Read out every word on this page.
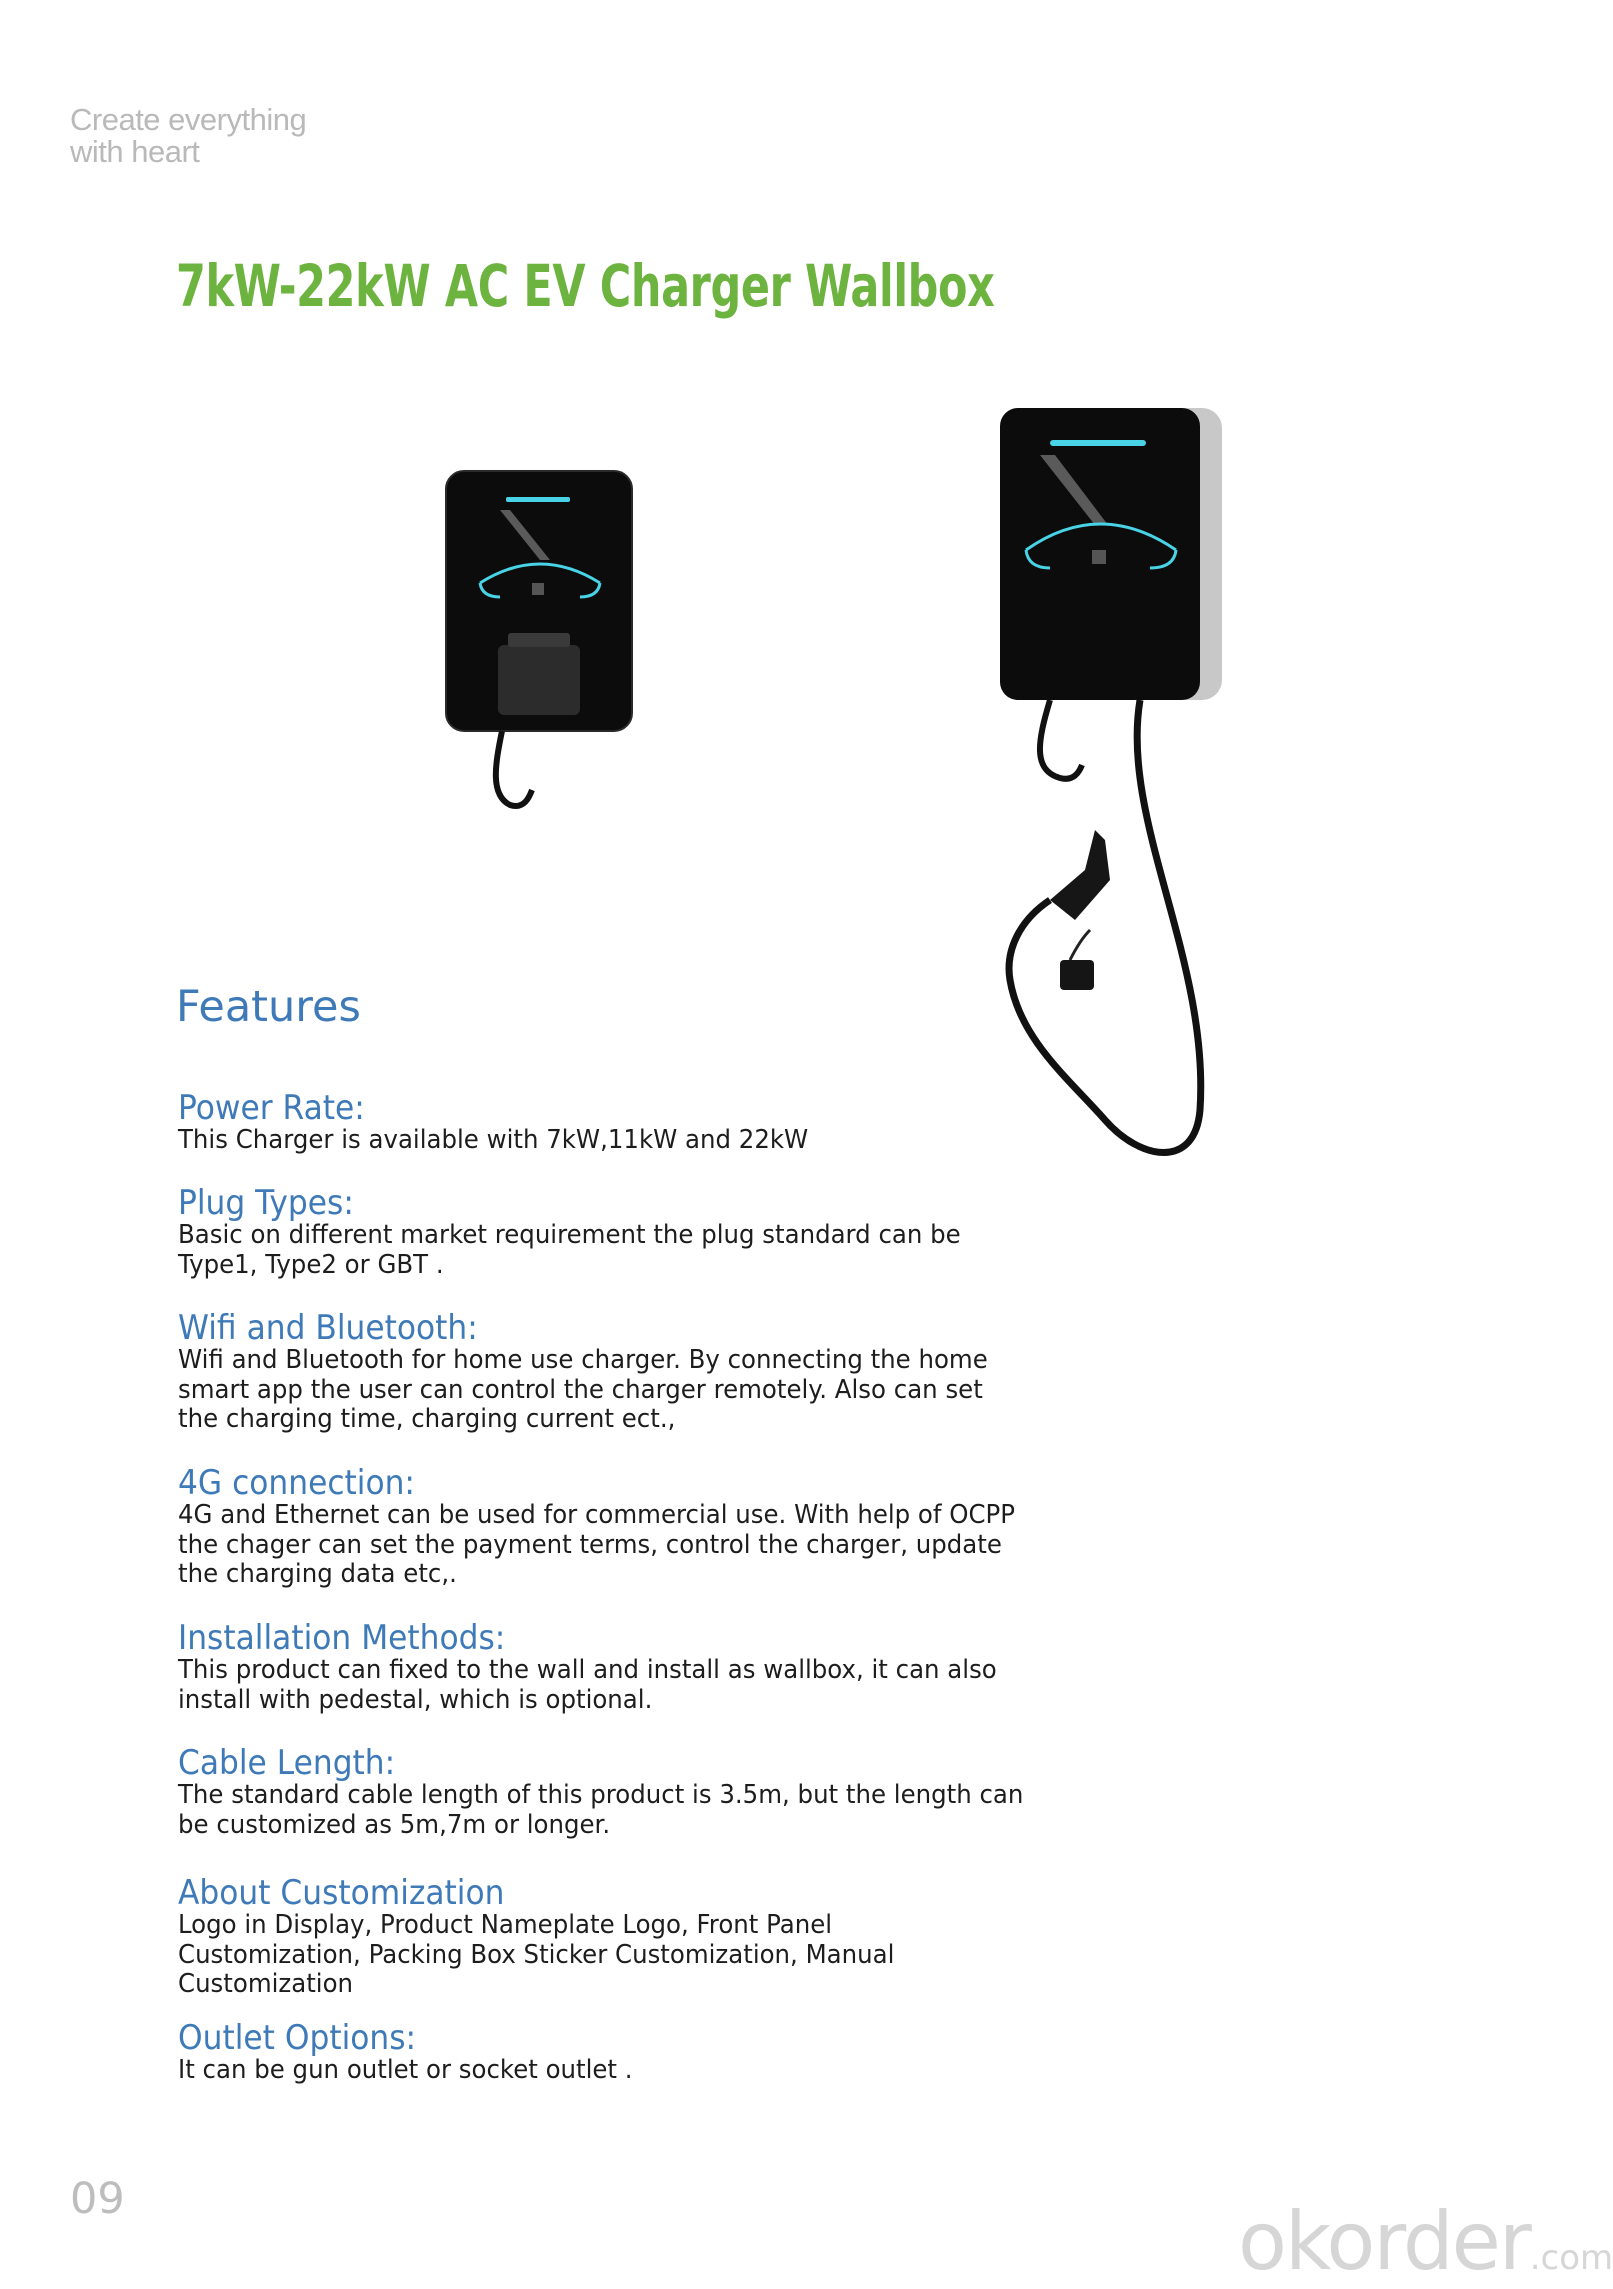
Create everything
with heart
7kW-22kW AC EV Charger Wallbox
Features
Power Rate:

This Charger is available with 7kW,11kW and 22kW

Plug Types:

Basic on different market requirement the plug standard can be Type1, Type2 or GBT .

Wifi and Bluetooth:

Wifi and Bluetooth for home use charger. By connecting the home smart app the user can control the charger remotely. Also can set the charging time, charging current ect.,

4G connection:

4G and Ethernet can be used for commercial use. With help of OCPP the chager can set the payment terms, control the charger, update the charging data etc,.

Installation Methods:

This product can fixed to the wall and install as wallbox, it can also install with pedestal, which is optional.

Cable Length:

The standard cable length of this product is 3.5m, but the length can be customized as 5m,7m or longer.

About Customization

Logo in Display, Product Nameplate Logo, Front Panel Customization, Packing Box Sticker Customization, Manual Customization

Outlet Options:

It can be gun outlet or socket outlet .

09	okorder.com
